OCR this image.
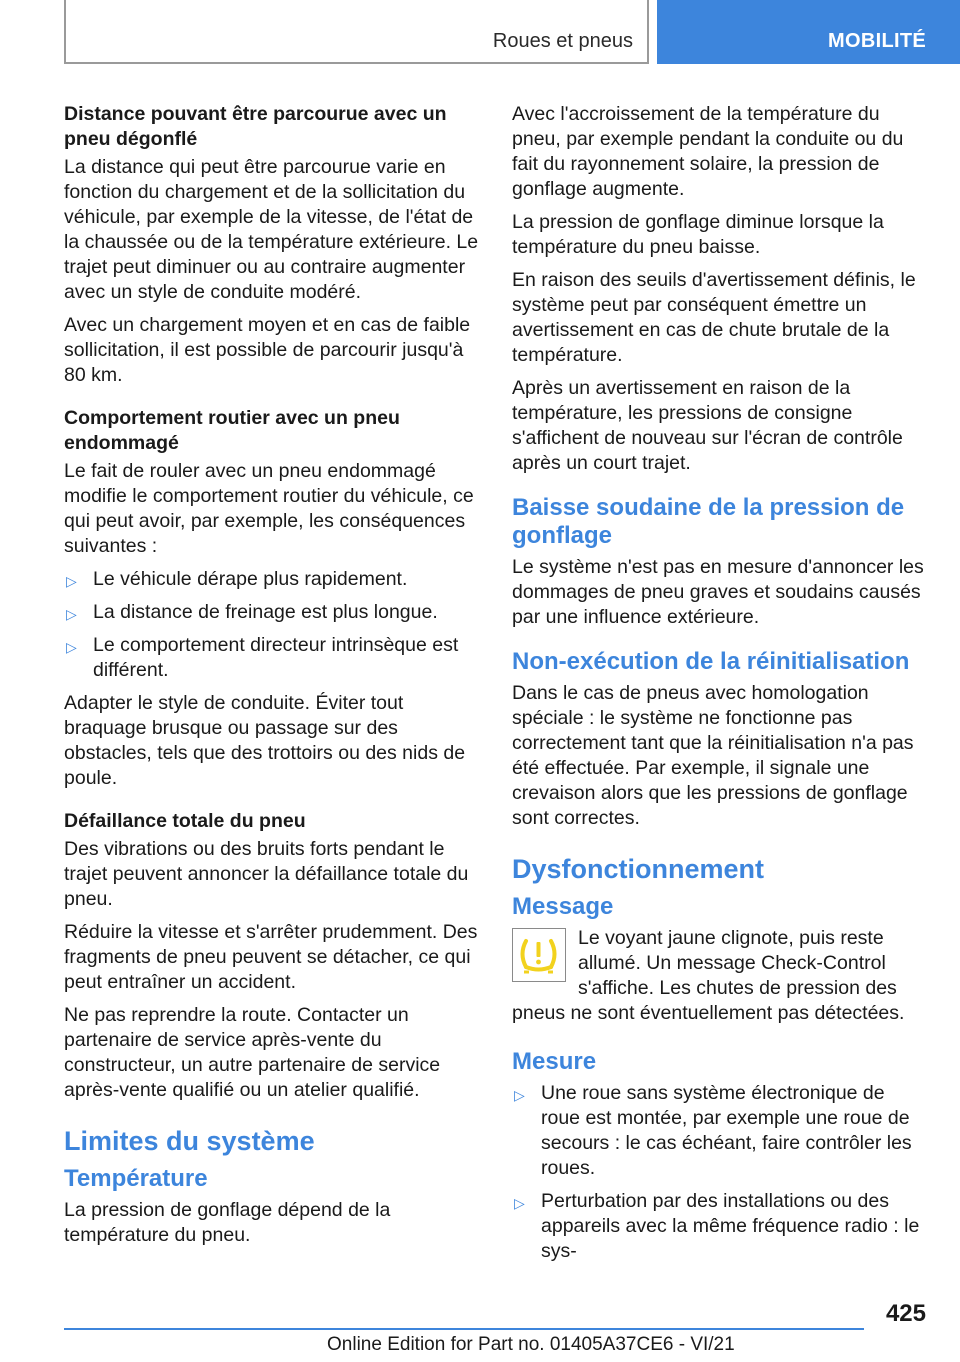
Roues et pneus	MOBILITÉ
Distance pouvant être parcourue avec un pneu dégonflé

La distance qui peut être parcourue varie en fonction du chargement et de la sollicitation du véhicule, par exemple de la vitesse, de l'état de la chaussée ou de la température extérieure. Le trajet peut diminuer ou au contraire augmenter avec un style de conduite modéré.

Avec un chargement moyen et en cas de faible sollicitation, il est possible de parcourir jusqu'à 80 km.

Comportement routier avec un pneu endommagé

Le fait de rouler avec un pneu endommagé modifie le comportement routier du véhicule, ce qui peut avoir, par exemple, les conséquences suivantes :

▷ Le véhicule dérape plus rapidement.
▷ La distance de freinage est plus longue.
▷ Le comportement directeur intrinsèque est différent.

Adapter le style de conduite. Éviter tout braquage brusque ou passage sur des obstacles, tels que des trottoirs ou des nids de poule.

Défaillance totale du pneu

Des vibrations ou des bruits forts pendant le trajet peuvent annoncer la défaillance totale du pneu.

Réduire la vitesse et s'arrêter prudemment. Des fragments de pneu peuvent se détacher, ce qui peut entraîner un accident.

Ne pas reprendre la route. Contacter un partenaire de service après-vente du constructeur, un autre partenaire de service après-vente qualifié ou un atelier qualifié.

Limites du système
Température

La pression de gonflage dépend de la température du pneu.

Avec l'accroissement de la température du pneu, par exemple pendant la conduite ou du fait du rayonnement solaire, la pression de gonflage augmente.

La pression de gonflage diminue lorsque la température du pneu baisse.

En raison des seuils d'avertissement définis, le système peut par conséquent émettre un avertissement en cas de chute brutale de la température.

Après un avertissement en raison de la température, les pressions de consigne s'affichent de nouveau sur l'écran de contrôle après un court trajet.

Baisse soudaine de la pression de gonflage

Le système n'est pas en mesure d'annoncer les dommages de pneu graves et soudains causés par une influence extérieure.

Non-exécution de la réinitialisation

Dans le cas de pneus avec homologation spéciale : le système ne fonctionne pas correctement tant que la réinitialisation n'a pas été effectuée. Par exemple, il signale une crevaison alors que les pressions de gonflage sont correctes.

Dysfonctionnement
Message

Le voyant jaune clignote, puis reste allumé. Un message Check-Control s'affiche. Les chutes de pression des pneus ne sont éventuellement pas détectées.

Mesure
▷ Une roue sans système électronique de roue est montée, par exemple une roue de secours : le cas échéant, faire contrôler les roues.
▷ Perturbation par des installations ou des appareils avec la même fréquence radio : le sys-
425
Online Edition for Part no. 01405A37CE6 - VI/21
